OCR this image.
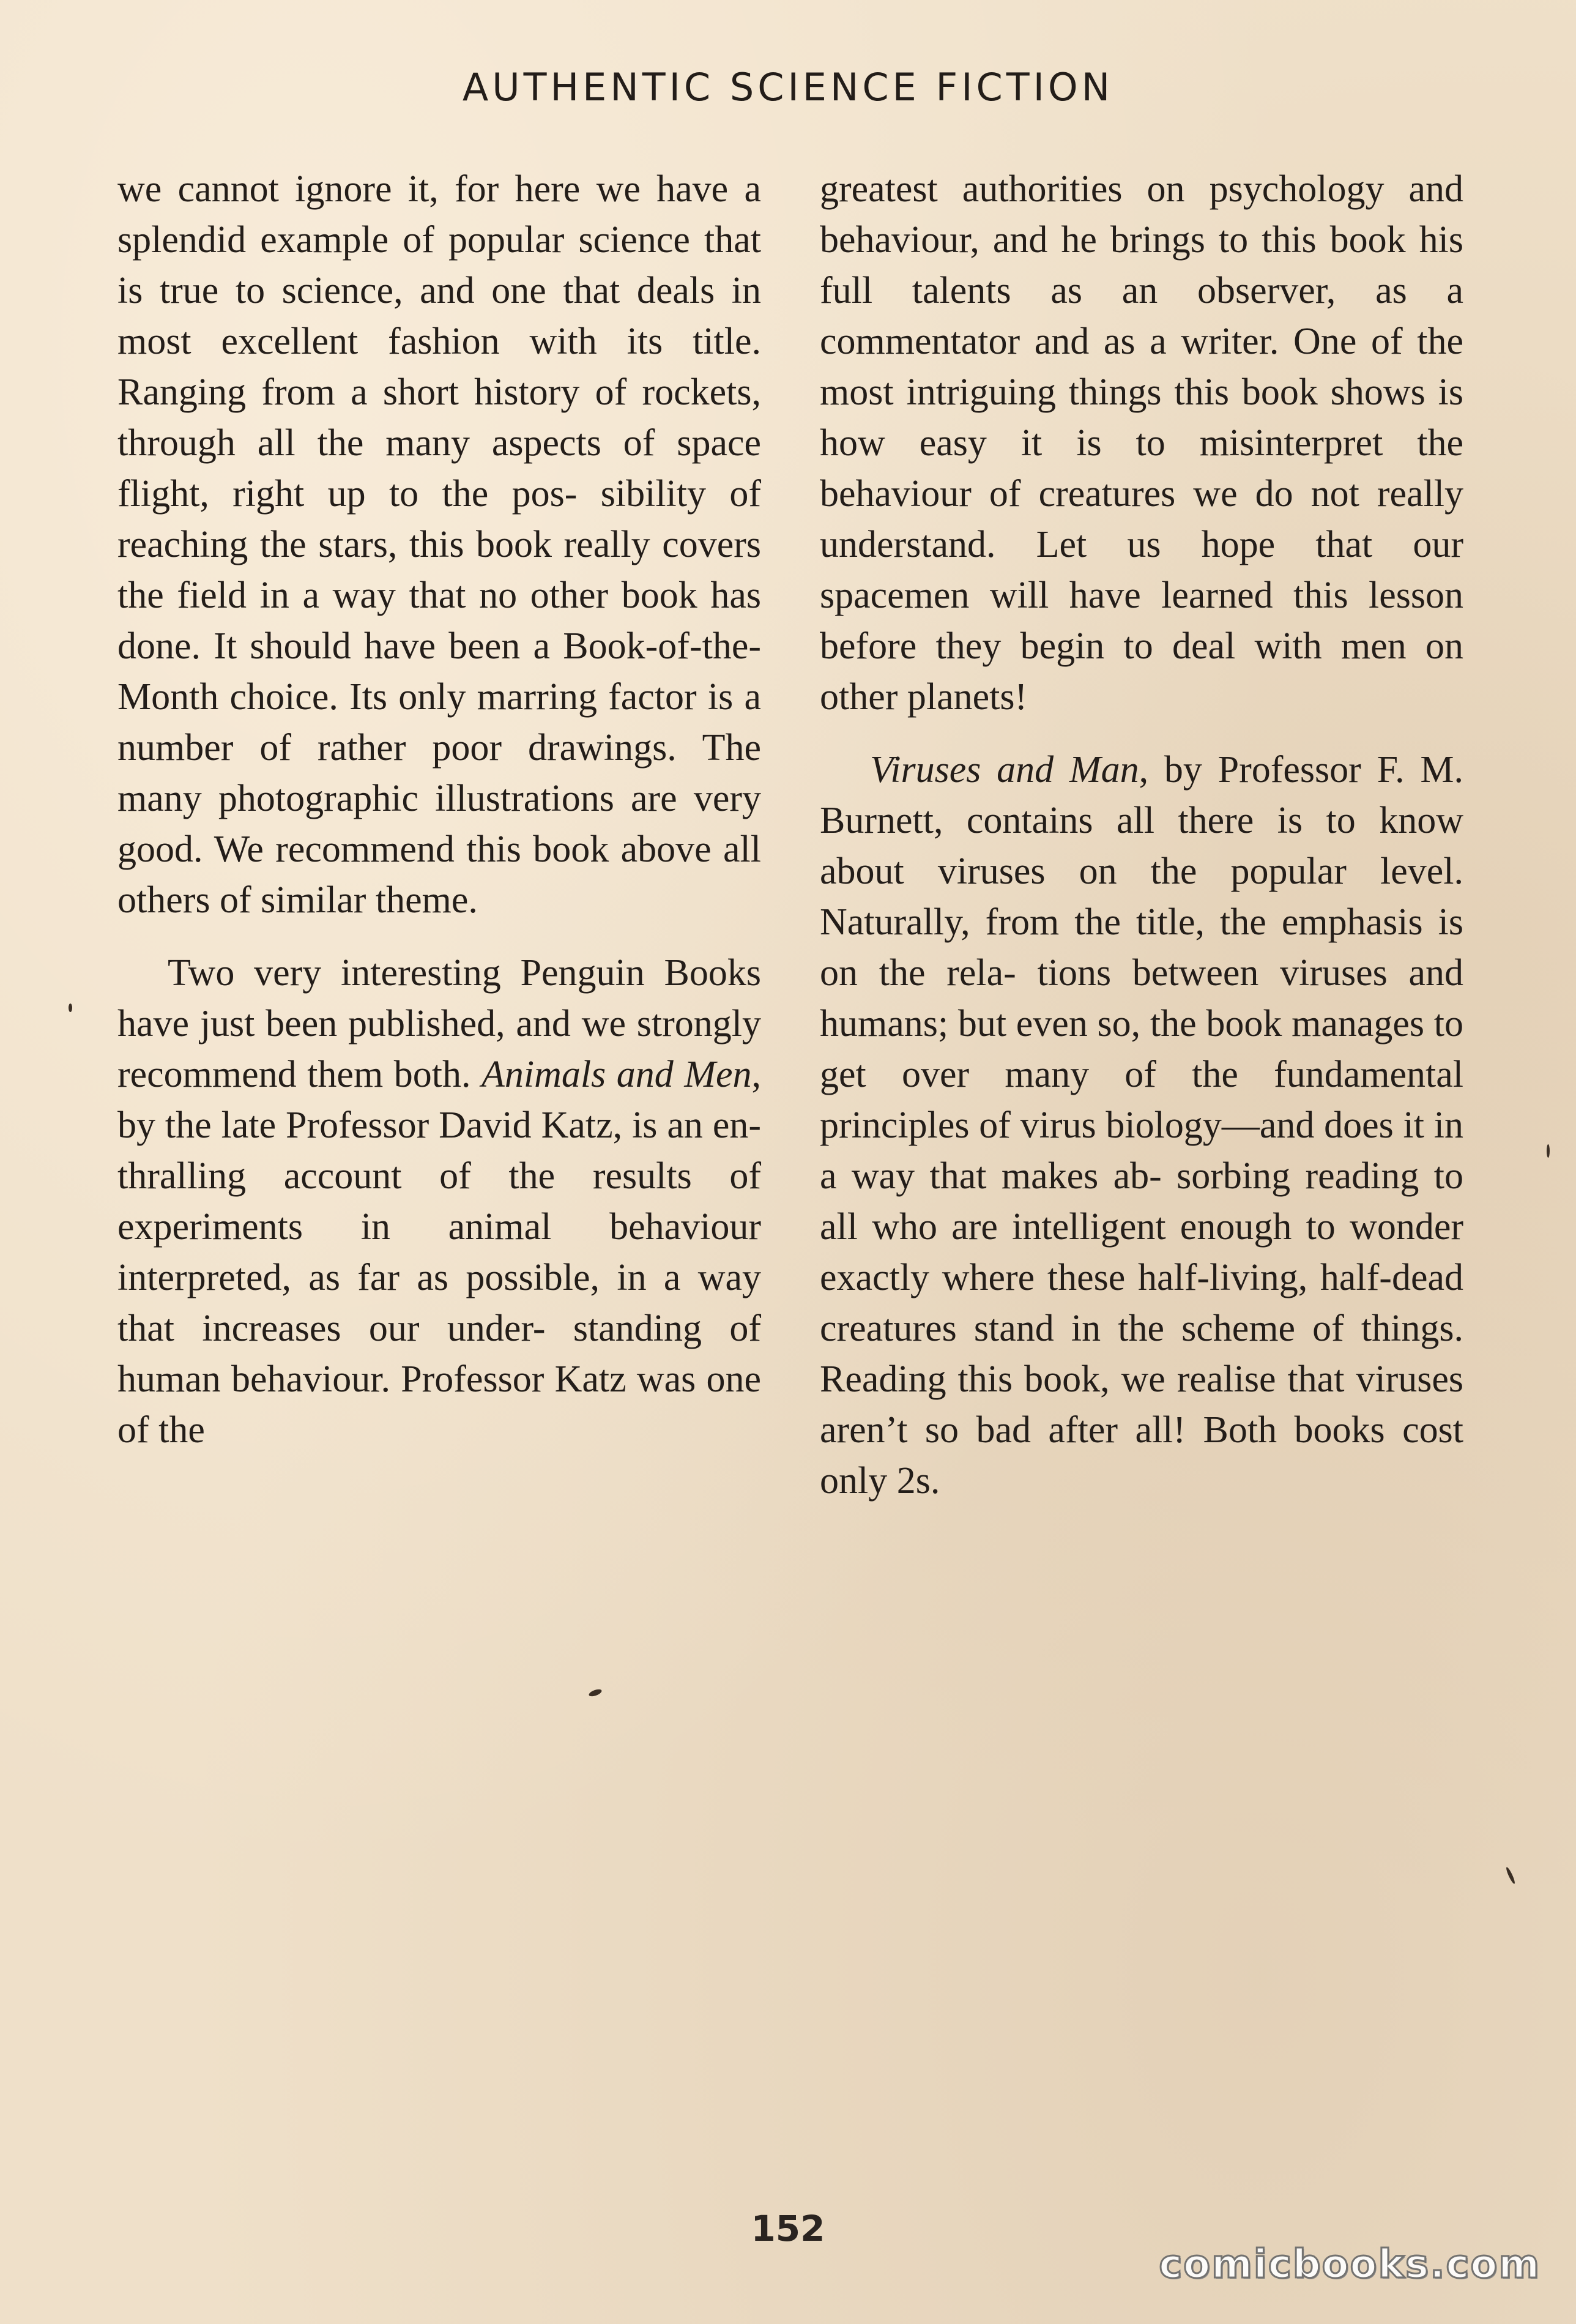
AUTHENTIC SCIENCE FICTION

we cannot ignore it, for here we have a splendid example of popular science that is true to science, and one that deals in most excellent fashion with its title. Ranging from a short history of rockets, through all the many aspects of space flight, right up to the pos- sibility of reaching the stars, this book really covers the field in a way that no other book has done. It should have been a Book-of-the- Month choice. Its only marring factor is a number of rather poor drawings. The many photographic illustrations are very good. We recommend this book above all others of similar theme.

Two very interesting Penguin Books have just been published, and we strongly recommend them both. Animals and Men, by the late Professor David Katz, is an en- thralling account of the results of experiments in animal behaviour interpreted, as far as possible, in a way that increases our under- standing of human behaviour. Professor Katz was one of the

greatest authorities on psychology and behaviour, and he brings to this book his full talents as an observer, as a commentator and as a writer. One of the most intriguing things this book shows is how easy it is to misinterpret the behaviour of creatures we do not really understand. Let us hope that our spacemen will have learned this lesson before they begin to deal with men on other planets!

Viruses and Man, by Professor F. M. Burnett, contains all there is to know about viruses on the popular level. Naturally, from the title, the emphasis is on the rela- tions between viruses and humans; but even so, the book manages to get over many of the fundamental principles of virus biology—and does it in a way that makes ab- sorbing reading to all who are intelligent enough to wonder exactly where these half-living, half-dead creatures stand in the scheme of things. Reading this book, we realise that viruses aren’t so bad after all! Both books cost only 2s.

152
comicbooks.com
